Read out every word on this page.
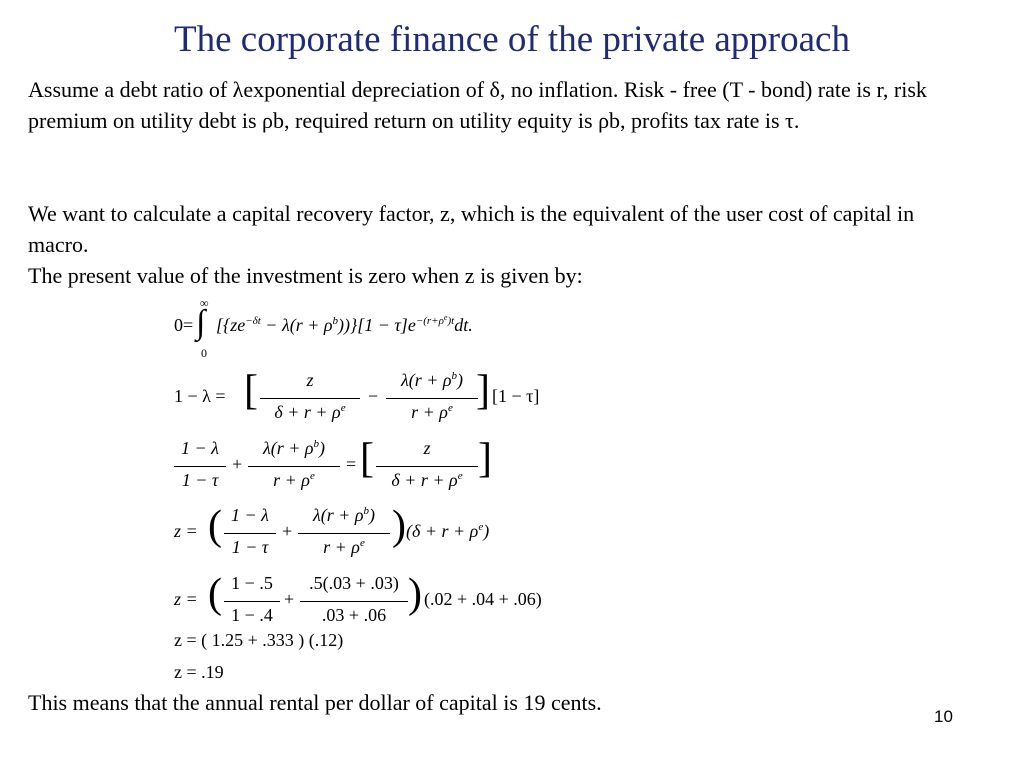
The corporate finance of the private approach

Assume a debt ratio of λexponential depreciation of δ, no inflation. Risk - free (T - bond) rate is r, risk premium on utility debt is ρb, required return on utility equity is ρb, profits tax rate is τ.

We want to calculate a capital recovery factor, z, which is the equivalent of the user cost of capital in macro.

The present value of the investment is zero when z is given by:

0=
∞
∫
0
$[\{ze^{-\delta t} - \lambda(r + \rho^b))\}[1 - \tau]e^{-(r+\rho e)t}dt$.
1 − λ = [	z
$\delta + r + \rho^e$
−
$\lambda(r + \rho^b)$
$r + \rho^e$ ] [1 − τ]
1 − λ
1 − τ
+
$\lambda(r + \rho^b)$
$r + \rho^e$
= [	z
$\delta + r + \rho^e$ ]
z = ( 1 − λ
1 − τ
+
$\lambda(r + \rho^b)$
$r + \rho^e$ ) $(\delta + r + \rho^e)$
z = ( 1 − .5
1 − .4
+
.5(.03 + .03)
.03 + .06 ) (.02 + .04 + .06)
z = ( 1.25 + .333 ) (.12)
z = .19

This means that the annual rental per dollar of capital is 19 cents.

10
